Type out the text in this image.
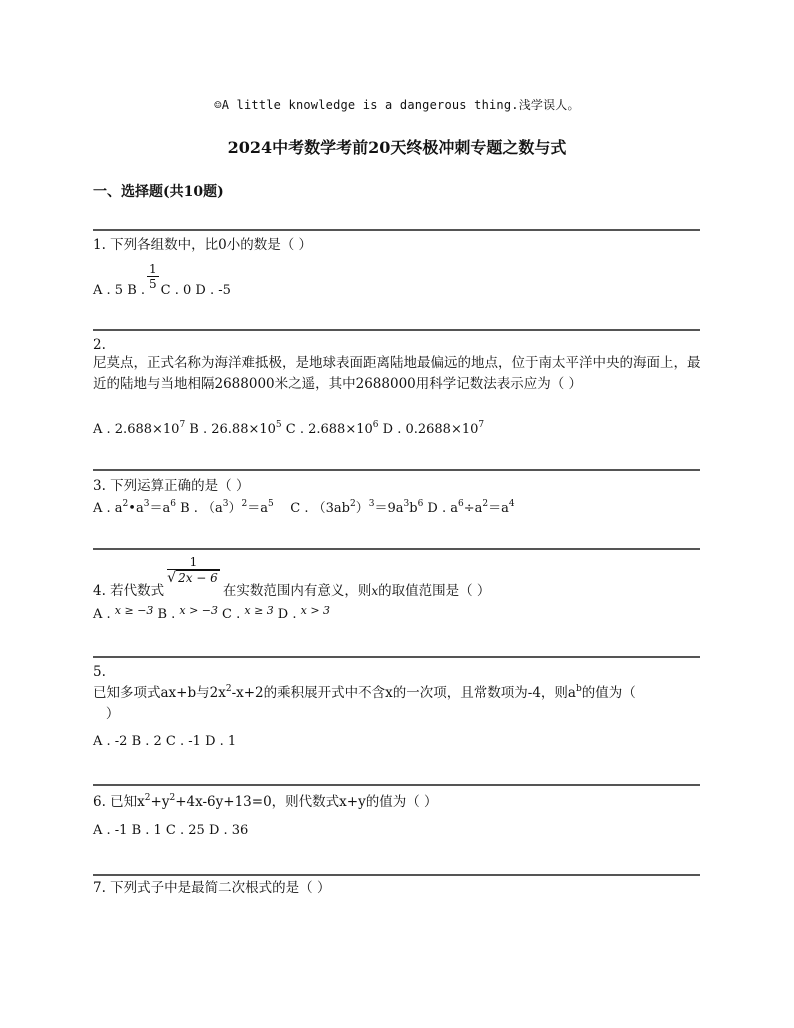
☺A little knowledge is a dangerous thing.浅学误人。
2024中考数学考前20天终极冲刺专题之数与式
一、选择题(共10题)
1. 下列各组数中，比0小的数是（ ）
A . 5 B . $\frac{1}{5}$ C . 0 D . -5
2.
尼莫点，正式名称为海洋难抵极，是地球表面距离陆地最偏远的地点，位于南太平洋中央的海面上，最近的陆地与当地相隔2688000米之遥，其中2688000用科学记数法表示应为（ ）
A . $2.688\times 10^7$ B . $26.88\times 10^5$ C . $2.688\times 10^6$ D . $0.2688\times 10^7$
3. 下列运算正确的是（ ）
A . $a^2•a^3=a^6$ B . $(a^3)^2=a^5$    C . $(3ab^2)^3=9a^3b^6$ D . $a^6\div a^2=a^4$
4. 若代数式
$\frac{1}{√ 2x - 6}$
在实数范围内有意义，则x的取值范围是（ ）
A . $^{x \ge -3}$ B . $^{x > -3}$ C . $^{x \ge 3}$ D . $^{x > 3}$
5.
已知多项式ax+b与$2x^2-x+2$的乘积展开式中不含x的一次项，且常数项为-4，则$a^b$的值为（
）
A . -2 B . 2 C . -1 D . 1
6. 已知$x^2+y^2+4x-6y+13=0$，则代数式x+y的值为（ ）
A . -1 B . 1 C . 25 D . 36
7. 下列式子中是最简二次根式的是（ ）
